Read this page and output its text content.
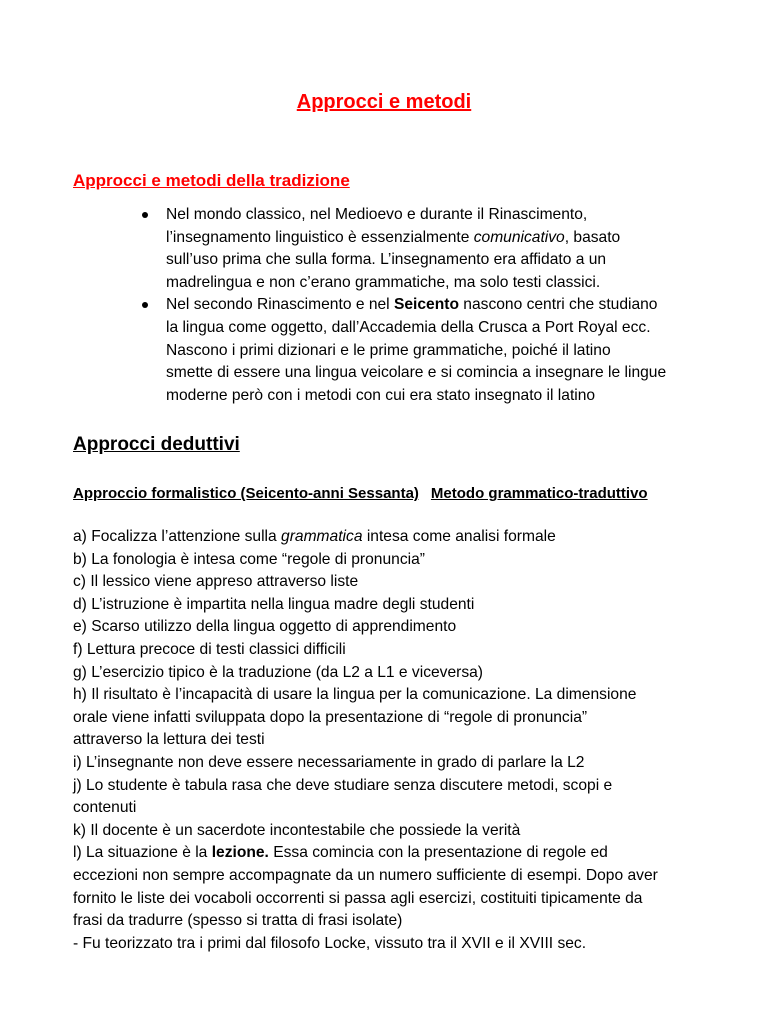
Approcci e metodi
Approcci e metodi della tradizione
Nel mondo classico, nel Medioevo e durante il Rinascimento,
l’insegnamento linguistico è essenzialmente comunicativo, basato
sull’uso prima che sulla forma. L’insegnamento era affidato a un
madrelingua e non c’erano grammatiche, ma solo testi classici.
Nel secondo Rinascimento e nel Seicento nascono centri che studiano
la lingua come oggetto, dall’Accademia della Crusca a Port Royal ecc.
Nascono i primi dizionari e le prime grammatiche, poiché il latino
smette di essere una lingua veicolare e si comincia a insegnare le lingue
moderne però con i metodi con cui era stato insegnato il latino
Approcci deduttivi
Approccio formalistico (Seicento-anni Sessanta) Metodo grammatico-traduttivo
a) Focalizza l’attenzione sulla grammatica intesa come analisi formale
b) La fonologia è intesa come “regole di pronuncia”
c) Il lessico viene appreso attraverso liste
d) L’istruzione è impartita nella lingua madre degli studenti
e) Scarso utilizzo della lingua oggetto di apprendimento
f) Lettura precoce di testi classici difficili
g) L’esercizio tipico è la traduzione (da L2 a L1 e viceversa)
h) Il risultato è l’incapacità di usare la lingua per la comunicazione. La dimensione
orale viene infatti sviluppata dopo la presentazione di “regole di pronuncia”
attraverso la lettura dei testi
i) L’insegnante non deve essere necessariamente in grado di parlare la L2
j) Lo studente è tabula rasa che deve studiare senza discutere metodi, scopi e
contenuti
k) Il docente è un sacerdote incontestabile che possiede la verità
l) La situazione è la lezione. Essa comincia con la presentazione di regole ed
eccezioni non sempre accompagnate da un numero sufficiente di esempi. Dopo aver
fornito le liste dei vocaboli occorrenti si passa agli esercizi, costituiti tipicamente da
frasi da tradurre (spesso si tratta di frasi isolate)
- Fu teorizzato tra i primi dal filosofo Locke, vissuto tra il XVII e il XVIII sec.
